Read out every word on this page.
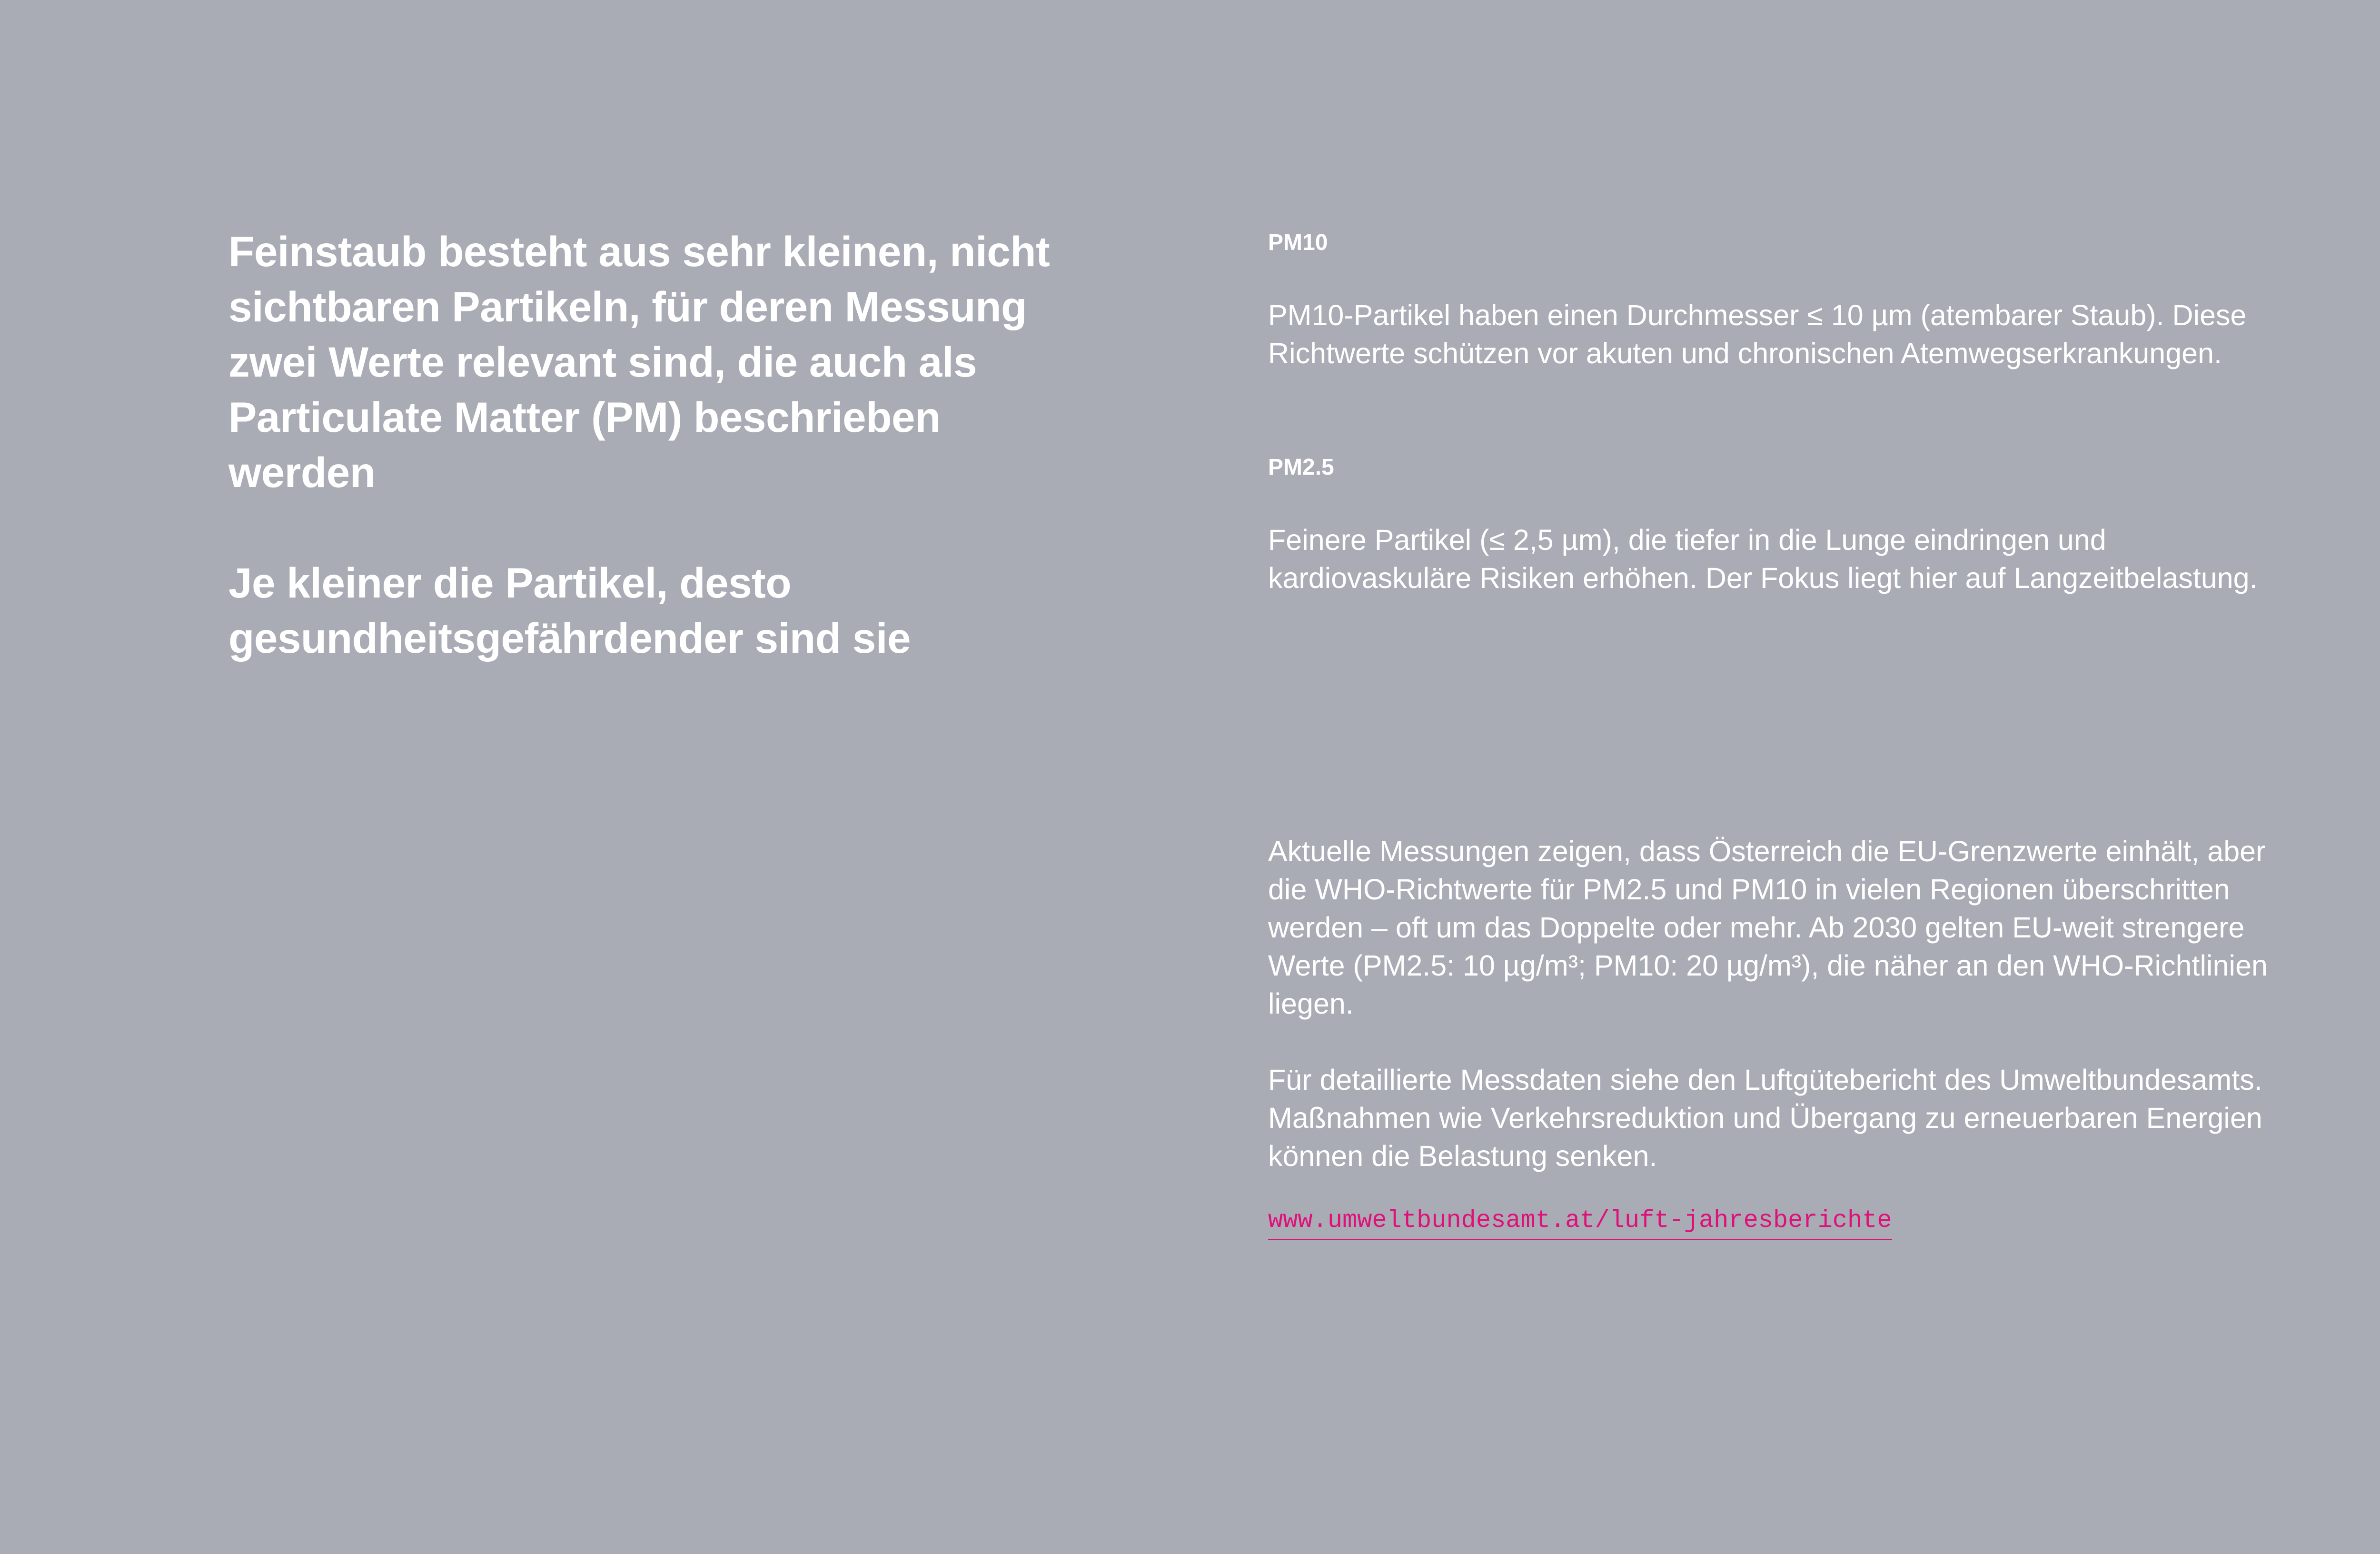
Feinstaub besteht aus sehr kleinen, nicht sichtbaren Partikeln, für deren Messung zwei Werte relevant sind, die auch als Particulate Matter (PM) beschrieben werden

Je kleiner die Partikel, desto gesundheitsgefährdender sind sie

PM10

PM10-Partikel haben einen Durchmesser ≤ 10 µm (atembarer Staub). Diese Richtwerte schützen vor akuten und chronischen Atemwegserkrankungen.

PM2.5

Feinere Partikel (≤ 2,5 µm), die tiefer in die Lunge eindringen und kardiovaskuläre Risiken erhöhen. Der Fokus liegt hier auf Langzeitbelastung.

Aktuelle Messungen zeigen, dass Österreich die EU-Grenzwerte einhält, aber die WHO-Richtwerte für PM2.5 und PM10 in vielen Regionen überschritten werden – oft um das Doppelte oder mehr. Ab 2030 gelten EU-weit strengere Werte (PM2.5: 10 µg/m³; PM10: 20 µg/m³), die näher an den WHO-Richtlinien liegen.

Für detaillierte Messdaten siehe den Luftgütebericht des Umweltbundesamts. Maßnahmen wie Verkehrsreduktion und Übergang zu erneuerbaren Energien können die Belastung senken.

www.umweltbundesamt.at/luft-jahresberichte
